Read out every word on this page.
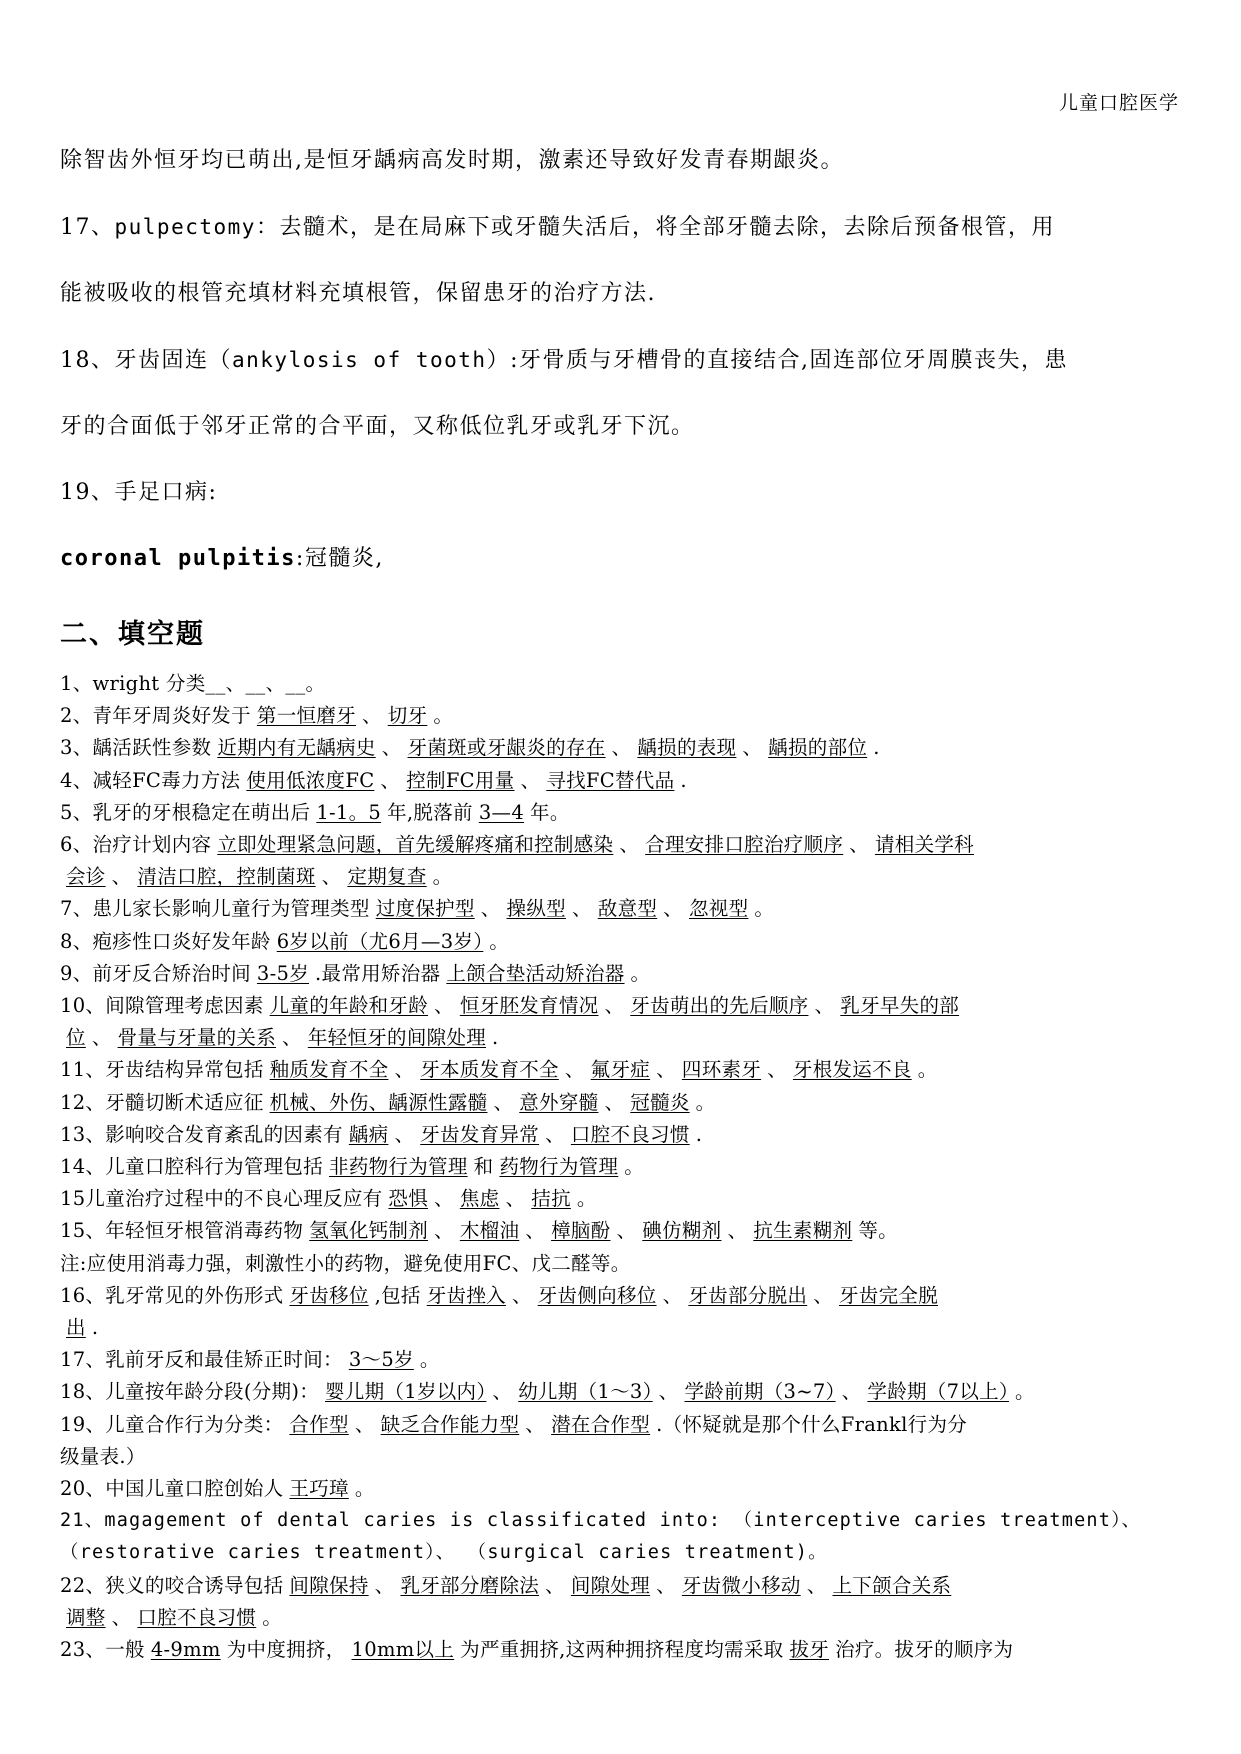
儿童口腔医学

除智齿外恒牙均已萌出,是恒牙龋病高发时期，激素还导致好发青春期龈炎。

17、pulpectomy：去髓术，是在局麻下或牙髓失活后，将全部牙髓去除，去除后预备根管，用

能被吸收的根管充填材料充填根管，保留患牙的治疗方法.

18、牙齿固连（ankylosis of tooth）:牙骨质与牙槽骨的直接结合,固连部位牙周膜丧失，患

牙的合面低于邻牙正常的合平面，又称低位乳牙或乳牙下沉。

19、手足口病:

coronal pulpitis:冠髓炎,

二、填空题
1、wright 分类__、__、__。
2、青年牙周炎好发于 第一恒磨牙 、 切牙 。
3、龋活跃性参数 近期内有无龋病史 、 牙菌斑或牙龈炎的存在 、 龋损的表现 、 龋损的部位 .
4、减轻FC毒力方法 使用低浓度FC 、 控制FC用量 、 寻找FC替代品 .
5、乳牙的牙根稳定在萌出后 1-1。5 年,脱落前 3—4 年。
6、治疗计划内容 立即处理紧急问题，首先缓解疼痛和控制感染 、 合理安排口腔治疗顺序 、 请相关学科
会诊 、 清洁口腔，控制菌斑 、 定期复查 。
7、患儿家长影响儿童行为管理类型 过度保护型 、 操纵型 、 敌意型 、 忽视型 。
8、疱疹性口炎好发年龄 6岁以前（尤6月—3岁） 。
9、前牙反合矫治时间 3-5岁 .最常用矫治器 上颌合垫活动矫治器 。
10、间隙管理考虑因素 儿童的年龄和牙龄 、 恒牙胚发育情况 、 牙齿萌出的先后顺序 、 乳牙早失的部
位 、 骨量与牙量的关系 、 年轻恒牙的间隙处理 .
11、牙齿结构异常包括 釉质发育不全 、 牙本质发育不全 、 氟牙症 、 四环素牙 、 牙根发运不良 。
12、牙髓切断术适应征 机械、外伤、龋源性露髓 、 意外穿髓 、 冠髓炎 。
13、影响咬合发育紊乱的因素有 龋病 、 牙齿发育异常 、 口腔不良习惯 .
14、儿童口腔科行为管理包括 非药物行为管理 和 药物行为管理 。
15儿童治疗过程中的不良心理反应有 恐惧 、 焦虑 、 拮抗 。
15、年轻恒牙根管消毒药物 氢氧化钙制剂 、 木榴油 、 樟脑酚 、 碘仿糊剂 、 抗生素糊剂 等。
注:应使用消毒力强，刺激性小的药物，避免使用FC、戊二醛等。
16、乳牙常见的外伤形式 牙齿移位 ,包括 牙齿挫入 、 牙齿侧向移位 、 牙齿部分脱出 、 牙齿完全脱
出 .
17、乳前牙反和最佳矫正时间： 3～5岁 。
18、儿童按年龄分段(分期)： 婴儿期（1岁以内） 、 幼儿期（1～3） 、 学龄前期（3~7） 、 学龄期（7以上） 。
19、儿童合作行为分类： 合作型 、 缺乏合作能力型 、 潜在合作型 .（怀疑就是那个什么Frankl行为分
级量表.）
20、中国儿童口腔创始人 王巧璋 。
21、magagement of dental caries is classificated into: （interceptive caries treatment）、
（restorative caries treatment）、 （surgical caries treatment)。
22、狭义的咬合诱导包括 间隙保持 、 乳牙部分磨除法 、 间隙处理 、 牙齿微小移动 、 上下颌合关系
调整 、 口腔不良习惯 。
23、一般 4-9mm 为中度拥挤， 10mm以上 为严重拥挤,这两种拥挤程度均需采取 拔牙 治疗。拔牙的顺序为
